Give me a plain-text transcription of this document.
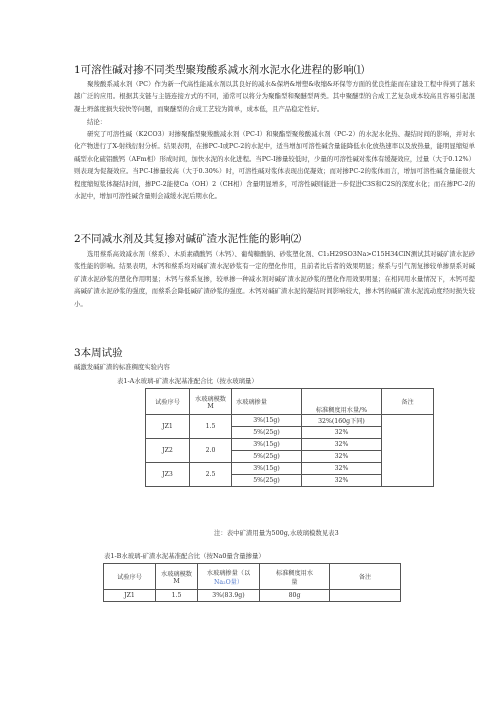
1可溶性碱对掺不同类型聚羧酸系减水剂水泥水化进程的影响⑴
聚羧酸系减水剂（PC）作为新一代高性能减水剂以其良好的减水&保坍&增塑&收缩&环保等方面的优良性能而在建设工程中得到了越来越广泛的应用。根据其支链与主链连接方式的不同，通常可以将分为聚酯型和聚醚型两类。其中聚醚型的合成工艺复杂成本较高且容易引起混凝土坍落度损失较快等问题，而聚醚型的合成工艺较为简单，成本低，且产品稳定性好。
结论：
研究了可溶性碱（K2CO3）对掺聚酯型聚羧酸减水剂（PC-I）和聚酯型聚羧酸减水剂（PC-2）的水泥水化热、凝结时间的影响，并对水化产物进行了X-射线衍射分析。结果表明，在掺PC-I或PC-2的水泥中，适当增加可溶性碱含量能降低水化放热速率以及放热量，能明显缩短单碱型水化硫铝酸钙（AFm相）形成时间，加快水泥的水化进程。当PC-I掺量较低时，少量的可溶性碱对浆体有缓凝效应，过量（大于0.12%）则表现为促凝效应。当PC-I掺量较高（大于0.30%）时，可溶性碱对浆体表现出促凝效；而对掺PC-2的浆体而言，增加可溶性碱含量能很大程度缩短浆体凝结时间，掺PC-2能使Ca（OH）2（CH相）含量明显增多，可溶性碱则能进一步促进C3S和C2S的深度水化；而在掺PC-2的水泥中，增加可溶性碱含量则会减缓水泥后期水化。
2不同减水剂及其复掺对碱矿渣水泥性能的影响⑵
选用蔡系高效减水剂（蔡系）、木质素磺酸钙（木钙）、葡萄糖酸钠、砂浆塑化剂、C1₂H29SO3Na>C15H34ClN测试其对碱矿渣水泥砂浆性能的影响。结果表明，木钙和蔡系均对碱矿渣水泥砂浆有一定的塑化作用，且前者比后者的效果明显；蔡系与引气剂复掺较单掺票系对碱矿渣水泥砂浆的塑化作用明显；木钙与蔡系复掺，较单掺一种减水剂对碱矿渣水泥砂浆的塑化作用效果明显；在相同用水量情况下，木钙可提高碱矿渣水泥砂浆的强度，而蔡系会降低碱矿渣砂浆的强度。木钙对碱矿渣水泥的凝结时间影响较大，掺木钙的碱矿渣水泥流动度经时损失较小。
3本周试验
碱激发碱矿渣的标准稠度实验内容
表1-A水玻璃-矿渣水泥基准配合比（按水玻璃量）
试验序号	水玻璃模数
M	水玻璃掺量	标准稠度用水量/%	备注
JZ1	1.5	3%(15g)	32%(160g下同)	
		5%(25g)	32%	
JZ2	2.0	3%(15g)	32%	
		5%(25g)	32%	
JZ3	2.5	3%(15g)	32%	
		5%(25g)	32%	
注：表中矿渣用量为500g,水玻璃模数见表3
表1-B水玻璃-矿渣水泥基准配合比（按Na0量含量掺量）
试验序号	水玻璃模数
M	水玻璃掺量（以
Na₂O量）	标准稠度用水
量	备注
JZ1	1.5	3%(83.9g)	80g	
